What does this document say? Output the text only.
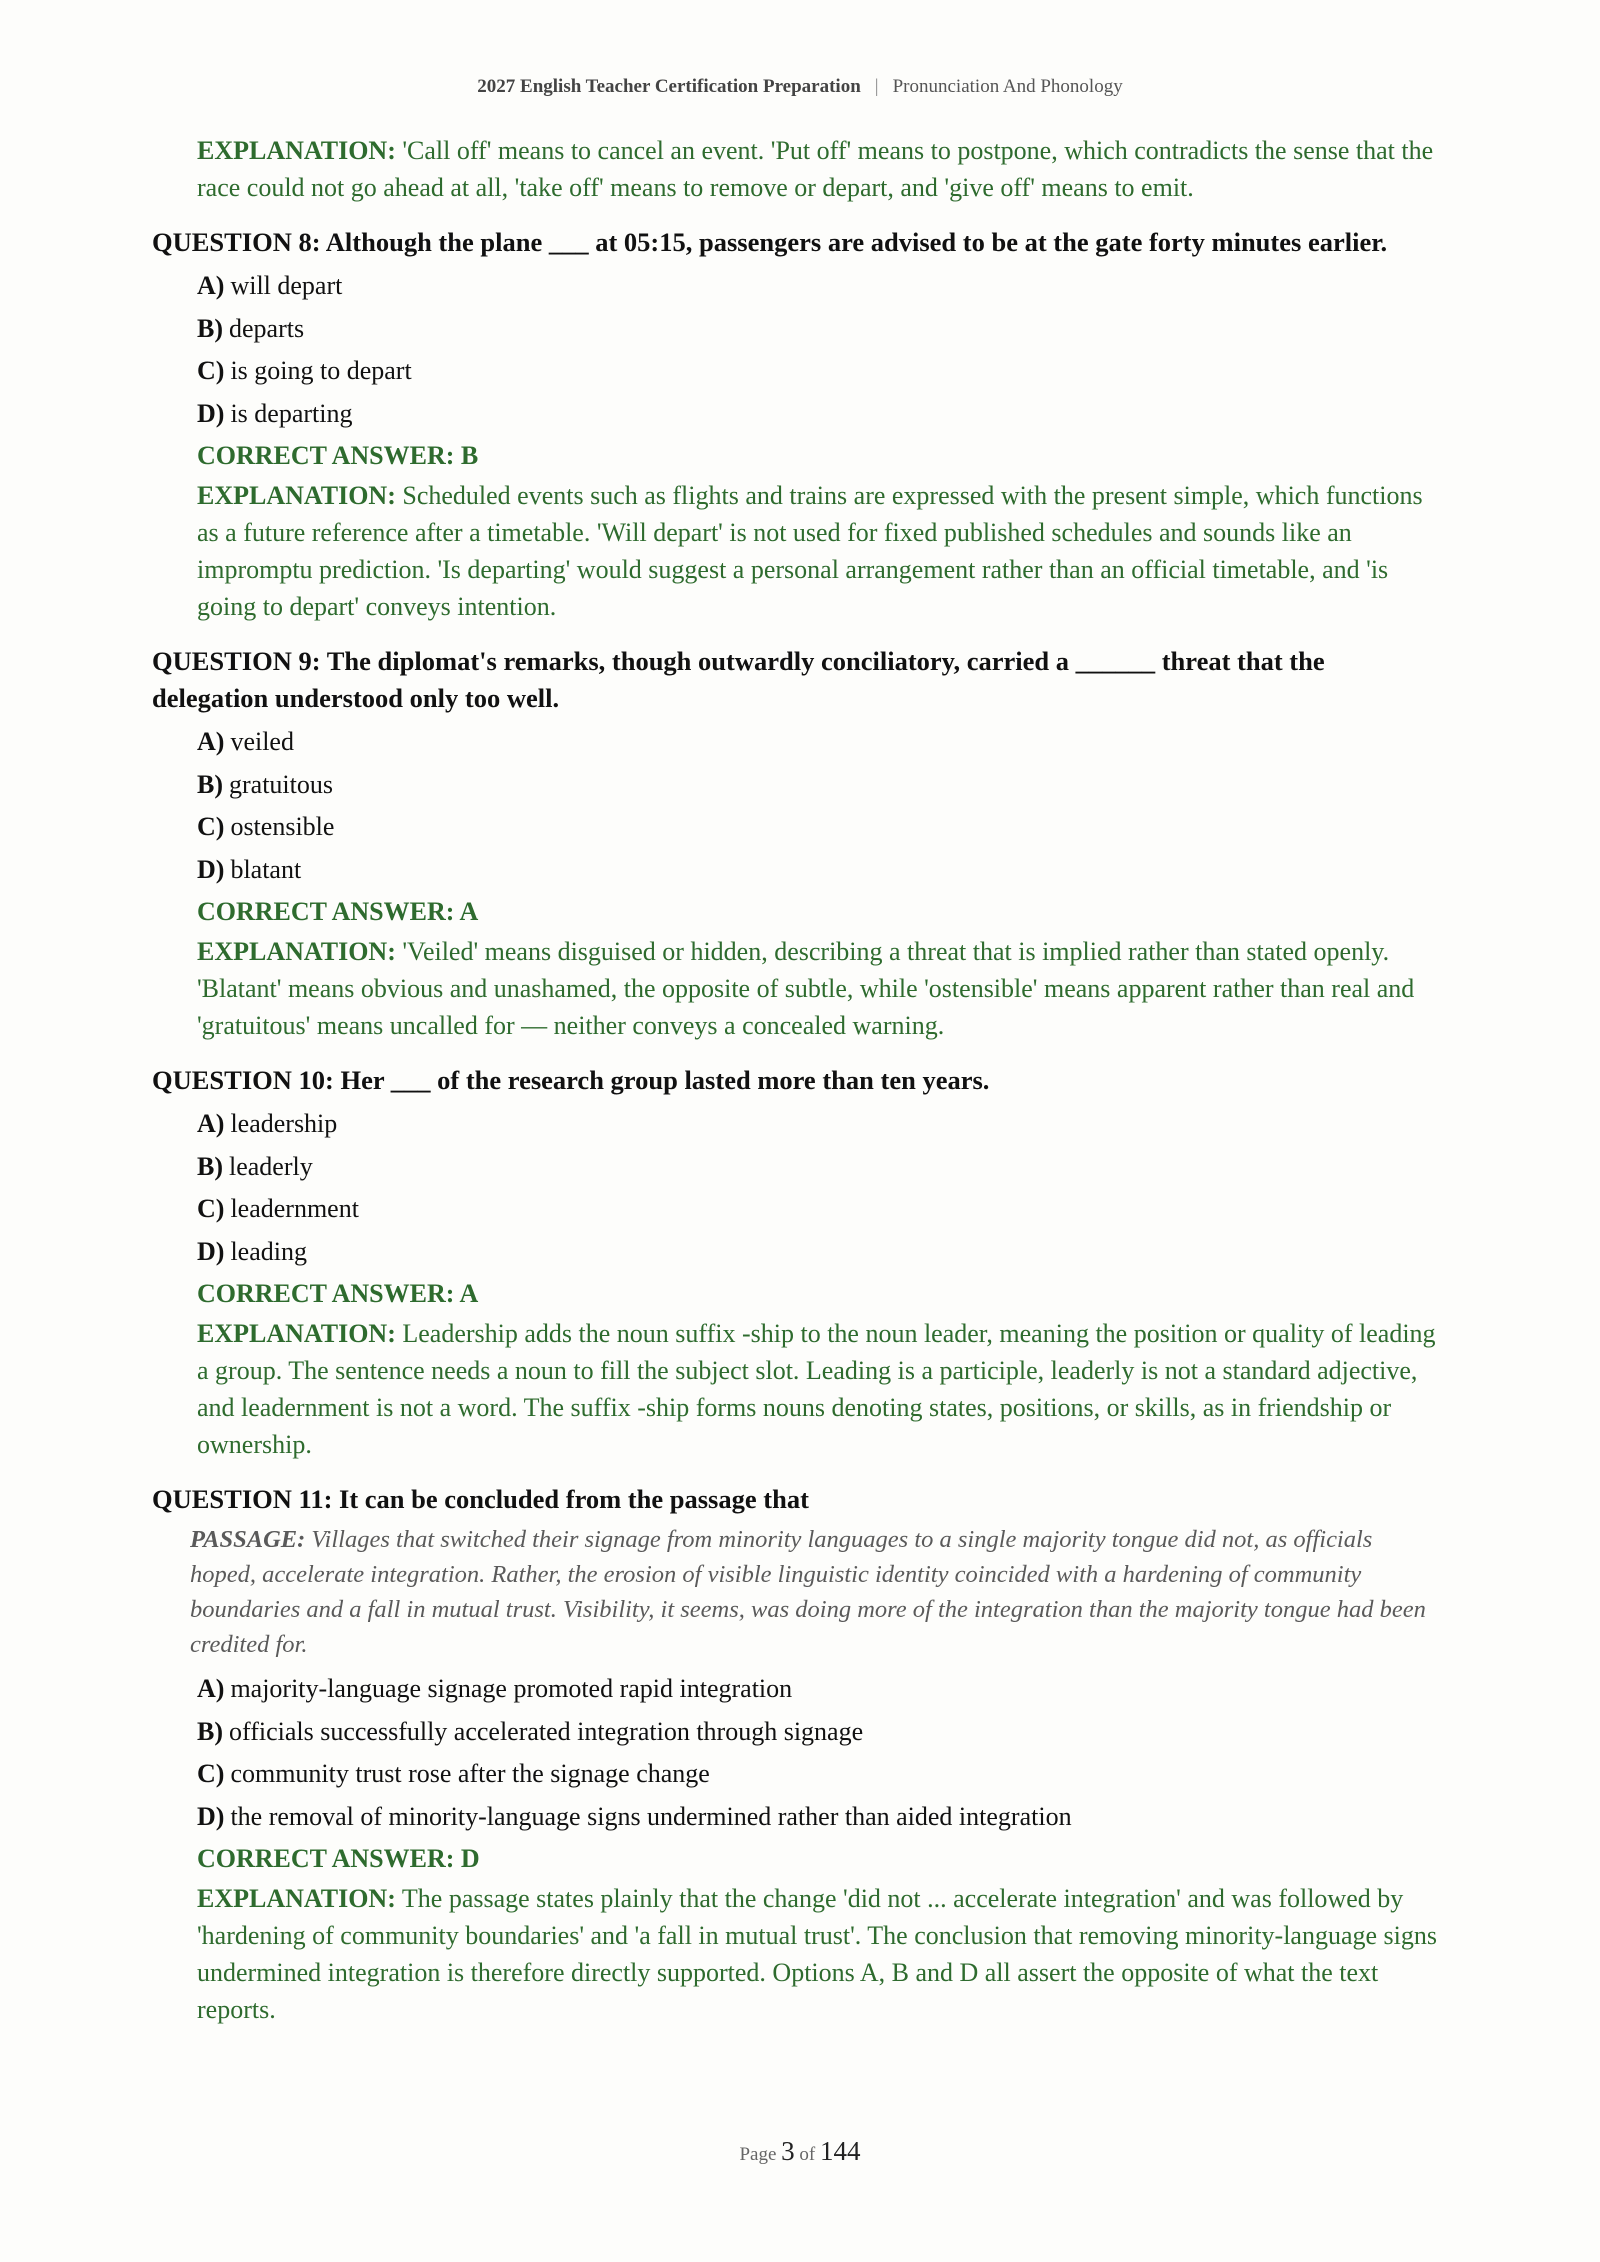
2027 English Teacher Certification Preparation | Pronunciation And Phonology
EXPLANATION: 'Call off' means to cancel an event. 'Put off' means to postpone, which contradicts the sense that the race could not go ahead at all, 'take off' means to remove or depart, and 'give off' means to emit.
QUESTION 8: Although the plane ___ at 05:15, passengers are advised to be at the gate forty minutes earlier.
A) will depart
B) departs
C) is going to depart
D) is departing
CORRECT ANSWER: B
EXPLANATION: Scheduled events such as flights and trains are expressed with the present simple, which functions as a future reference after a timetable. 'Will depart' is not used for fixed published schedules and sounds like an impromptu prediction. 'Is departing' would suggest a personal arrangement rather than an official timetable, and 'is going to depart' conveys intention.
QUESTION 9: The diplomat's remarks, though outwardly conciliatory, carried a ______ threat that the delegation understood only too well.
A) veiled
B) gratuitous
C) ostensible
D) blatant
CORRECT ANSWER: A
EXPLANATION: 'Veiled' means disguised or hidden, describing a threat that is implied rather than stated openly. 'Blatant' means obvious and unashamed, the opposite of subtle, while 'ostensible' means apparent rather than real and 'gratuitous' means uncalled for — neither conveys a concealed warning.
QUESTION 10: Her ___ of the research group lasted more than ten years.
A) leadership
B) leaderly
C) leadernment
D) leading
CORRECT ANSWER: A
EXPLANATION: Leadership adds the noun suffix -ship to the noun leader, meaning the position or quality of leading a group. The sentence needs a noun to fill the subject slot. Leading is a participle, leaderly is not a standard adjective, and leadernment is not a word. The suffix -ship forms nouns denoting states, positions, or skills, as in friendship or ownership.
QUESTION 11: It can be concluded from the passage that
PASSAGE: Villages that switched their signage from minority languages to a single majority tongue did not, as officials hoped, accelerate integration. Rather, the erosion of visible linguistic identity coincided with a hardening of community boundaries and a fall in mutual trust. Visibility, it seems, was doing more of the integration than the majority tongue had been credited for.
A) majority-language signage promoted rapid integration
B) officials successfully accelerated integration through signage
C) community trust rose after the signage change
D) the removal of minority-language signs undermined rather than aided integration
CORRECT ANSWER: D
EXPLANATION: The passage states plainly that the change 'did not ... accelerate integration' and was followed by 'hardening of community boundaries' and 'a fall in mutual trust'. The conclusion that removing minority-language signs undermined integration is therefore directly supported. Options A, B and D all assert the opposite of what the text reports.
Page 3 of 144
